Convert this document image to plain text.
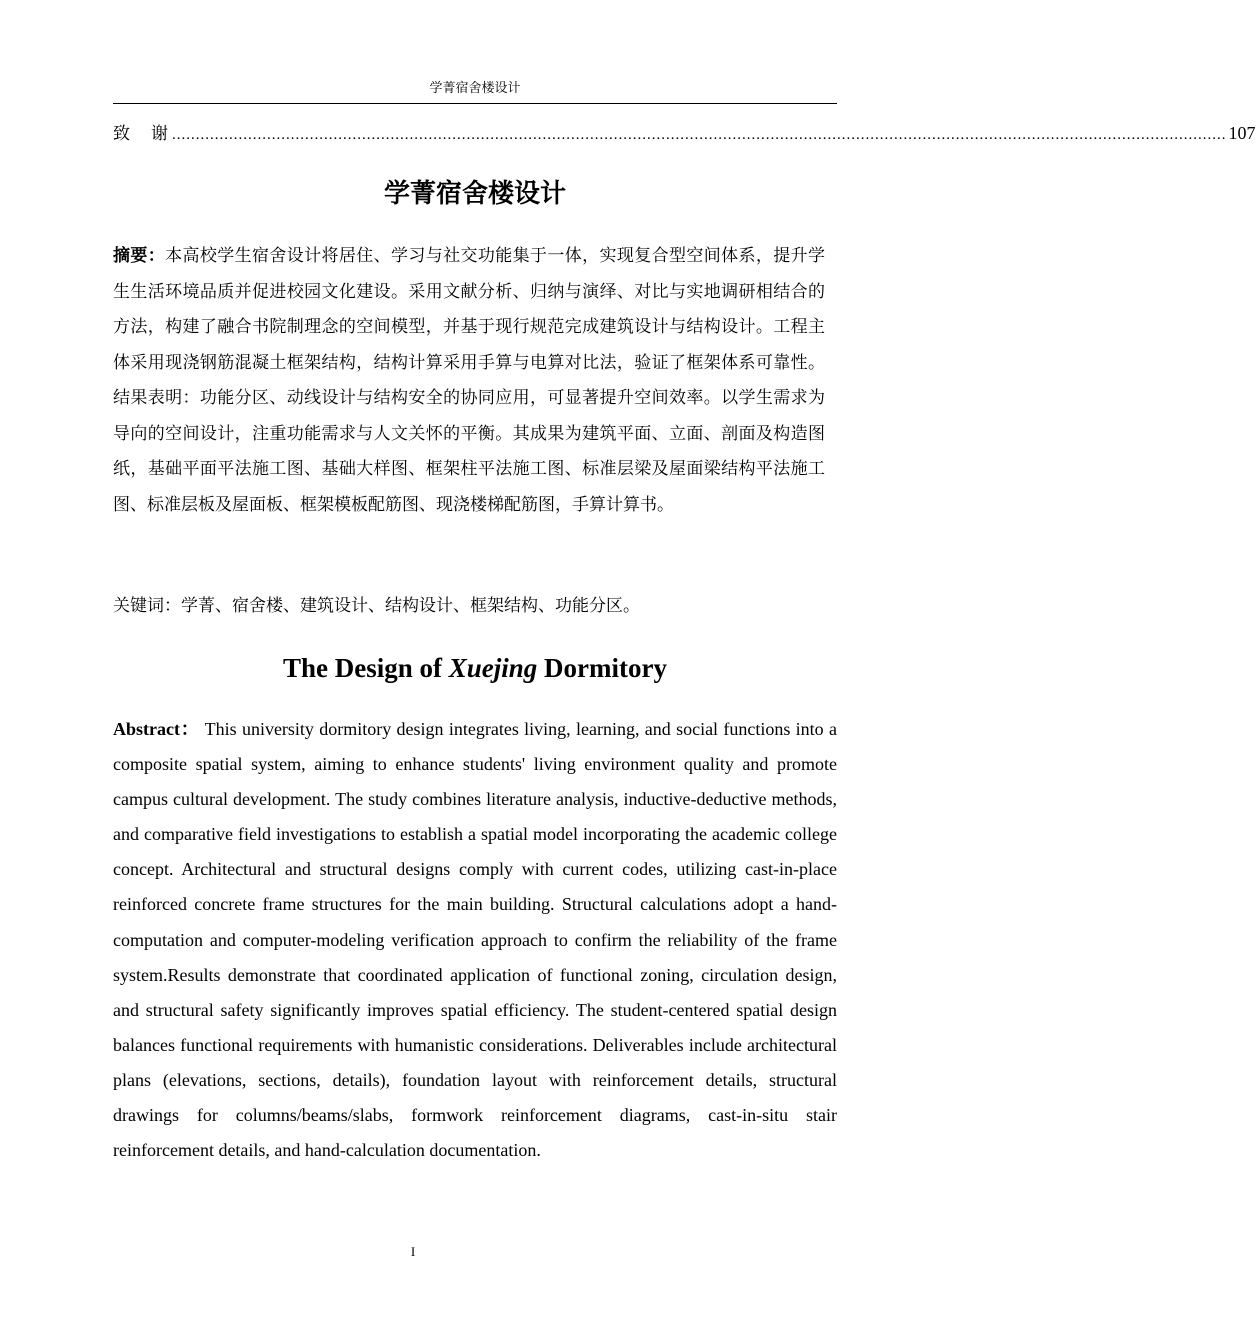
学菁宿舍楼设计
致　谢 .............................................................................................................................................................................................................................. 107
学菁宿舍楼设计

摘要：本高校学生宿舍设计将居住、学习与社交功能集于一体，实现复合型空间体系，提升学生生活环境品质并促进校园文化建设。采用文献分析、归纳与演绎、对比与实地调研相结合的方法，构建了融合书院制理念的空间模型，并基于现行规范完成建筑设计与结构设计。工程主体采用现浇钢筋混凝土框架结构，结构计算采用手算与电算对比法，验证了框架体系可靠性。结果表明：功能分区、动线设计与结构安全的协同应用，可显著提升空间效率。以学生需求为导向的空间设计，注重功能需求与人文关怀的平衡。其成果为建筑平面、立面、剖面及构造图纸，基础平面平法施工图、基础大样图、框架柱平法施工图、标准层梁及屋面梁结构平法施工图、标准层板及屋面板、框架模板配筋图、现浇楼梯配筋图，手算计算书。

关键词：学菁、宿舍楼、建筑设计、结构设计、框架结构、功能分区。

The Design of Xuejing Dormitory

Abstract： This university dormitory design integrates living, learning, and social functions into a composite spatial system, aiming to enhance students' living environment quality and promote campus cultural development. The study combines literature analysis, inductive-deductive methods, and comparative field investigations to establish a spatial model incorporating the academic college concept. Architectural and structural designs comply with current codes, utilizing cast-in-place reinforced concrete frame structures for the main building. Structural calculations adopt a hand-computation and computer-modeling verification approach to confirm the reliability of the frame system.Results demonstrate that coordinated application of functional zoning, circulation design, and structural safety significantly improves spatial efficiency. The student-centered spatial design balances functional requirements with humanistic considerations. Deliverables include architectural plans (elevations, sections, details), foundation layout with reinforcement details, structural drawings for columns/beams/slabs, formwork reinforcement diagrams, cast-in-situ stair reinforcement details, and hand-calculation documentation.

I
